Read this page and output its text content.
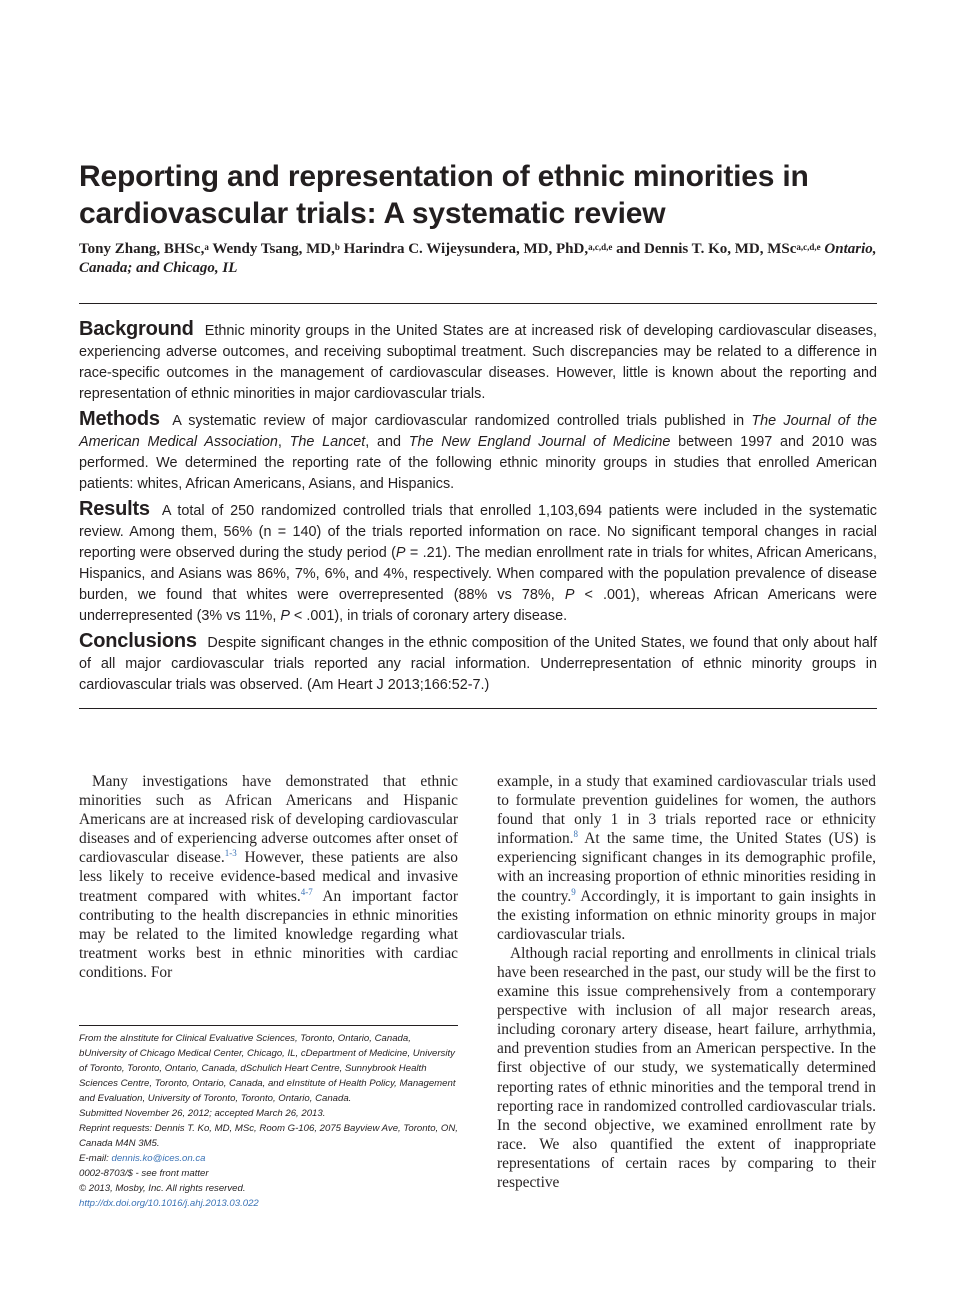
Reporting and representation of ethnic minorities in cardiovascular trials: A systematic review
Tony Zhang, BHSc,$^a$ Wendy Tsang, MD,$^b$ Harindra C. Wijeysundera, MD, PhD,$^{a,c,d,e}$ and Dennis T. Ko, MD, MSc$^{a,c,d,e}$ Ontario, Canada; and Chicago, IL

Background Ethnic minority groups in the United States are at increased risk of developing cardiovascular diseases, experiencing adverse outcomes, and receiving suboptimal treatment. Such discrepancies may be related to a difference in race-specific outcomes in the management of cardiovascular diseases. However, little is known about the reporting and representation of ethnic minorities in major cardiovascular trials.

Methods A systematic review of major cardiovascular randomized controlled trials published in The Journal of the American Medical Association, The Lancet, and The New England Journal of Medicine between 1997 and 2010 was performed. We determined the reporting rate of the following ethnic minority groups in studies that enrolled American patients: whites, African Americans, Asians, and Hispanics.

Results A total of 250 randomized controlled trials that enrolled 1,103,694 patients were included in the systematic review. Among them, 56% (n = 140) of the trials reported information on race. No significant temporal changes in racial reporting were observed during the study period (P = .21). The median enrollment rate in trials for whites, African Americans, Hispanics, and Asians was 86%, 7%, 6%, and 4%, respectively. When compared with the population prevalence of disease burden, we found that whites were overrepresented (88% vs 78%, P < .001), whereas African Americans were underrepresented (3% vs 11%, P < .001), in trials of coronary artery disease.

Conclusions Despite significant changes in the ethnic composition of the United States, we found that only about half of all major cardiovascular trials reported any racial information. Underrepresentation of ethnic minority groups in cardiovascular trials was observed. (Am Heart J 2013;166:52-7.)

Many investigations have demonstrated that ethnic minorities such as African Americans and Hispanic Americans are at increased risk of developing cardiovascular diseases and of experiencing adverse outcomes after onset of cardiovascular disease.$^{1-3}$ However, these patients are also less likely to receive evidence-based medical and invasive treatment compared with whites.$^{4-7}$ An important factor contributing to the health discrepancies in ethnic minorities may be related to the limited knowledge regarding what treatment works best in ethnic minorities with cardiac conditions. For

example, in a study that examined cardiovascular trials used to formulate prevention guidelines for women, the authors found that only 1 in 3 trials reported race or ethnicity information.$^8$ At the same time, the United States (US) is experiencing significant changes in its demographic profile, with an increasing proportion of ethnic minorities residing in the country.$^9$ Accordingly, it is important to gain insights in the existing information on ethnic minority groups in major cardiovascular trials.

Although racial reporting and enrollments in clinical trials have been researched in the past, our study will be the first to examine this issue comprehensively from a contemporary perspective with inclusion of all major research areas, including coronary artery disease, heart failure, arrhythmia, and prevention studies from an American perspective. In the first objective of our study, we systematically determined reporting rates of ethnic minorities and the temporal trend in reporting race in randomized controlled cardiovascular trials. In the second objective, we examined enrollment rate by race. We also quantified the extent of inappropriate representations of certain races by comparing to their respective

From the aInstitute for Clinical Evaluative Sciences, Toronto, Ontario, Canada, bUniversity of Chicago Medical Center, Chicago, IL, cDepartment of Medicine, University of Toronto, Toronto, Ontario, Canada, dSchulich Heart Centre, Sunnybrook Health Sciences Centre, Toronto, Ontario, Canada, and eInstitute of Health Policy, Management and Evaluation, University of Toronto, Toronto, Ontario, Canada.
Submitted November 26, 2012; accepted March 26, 2013.
Reprint requests: Dennis T. Ko, MD, MSc, Room G-106, 2075 Bayview Ave, Toronto, ON, Canada M4N 3M5.
E-mail: dennis.ko@ices.on.ca
0002-8703/$ - see front matter
© 2013, Mosby, Inc. All rights reserved.
http://dx.doi.org/10.1016/j.ahj.2013.03.022
